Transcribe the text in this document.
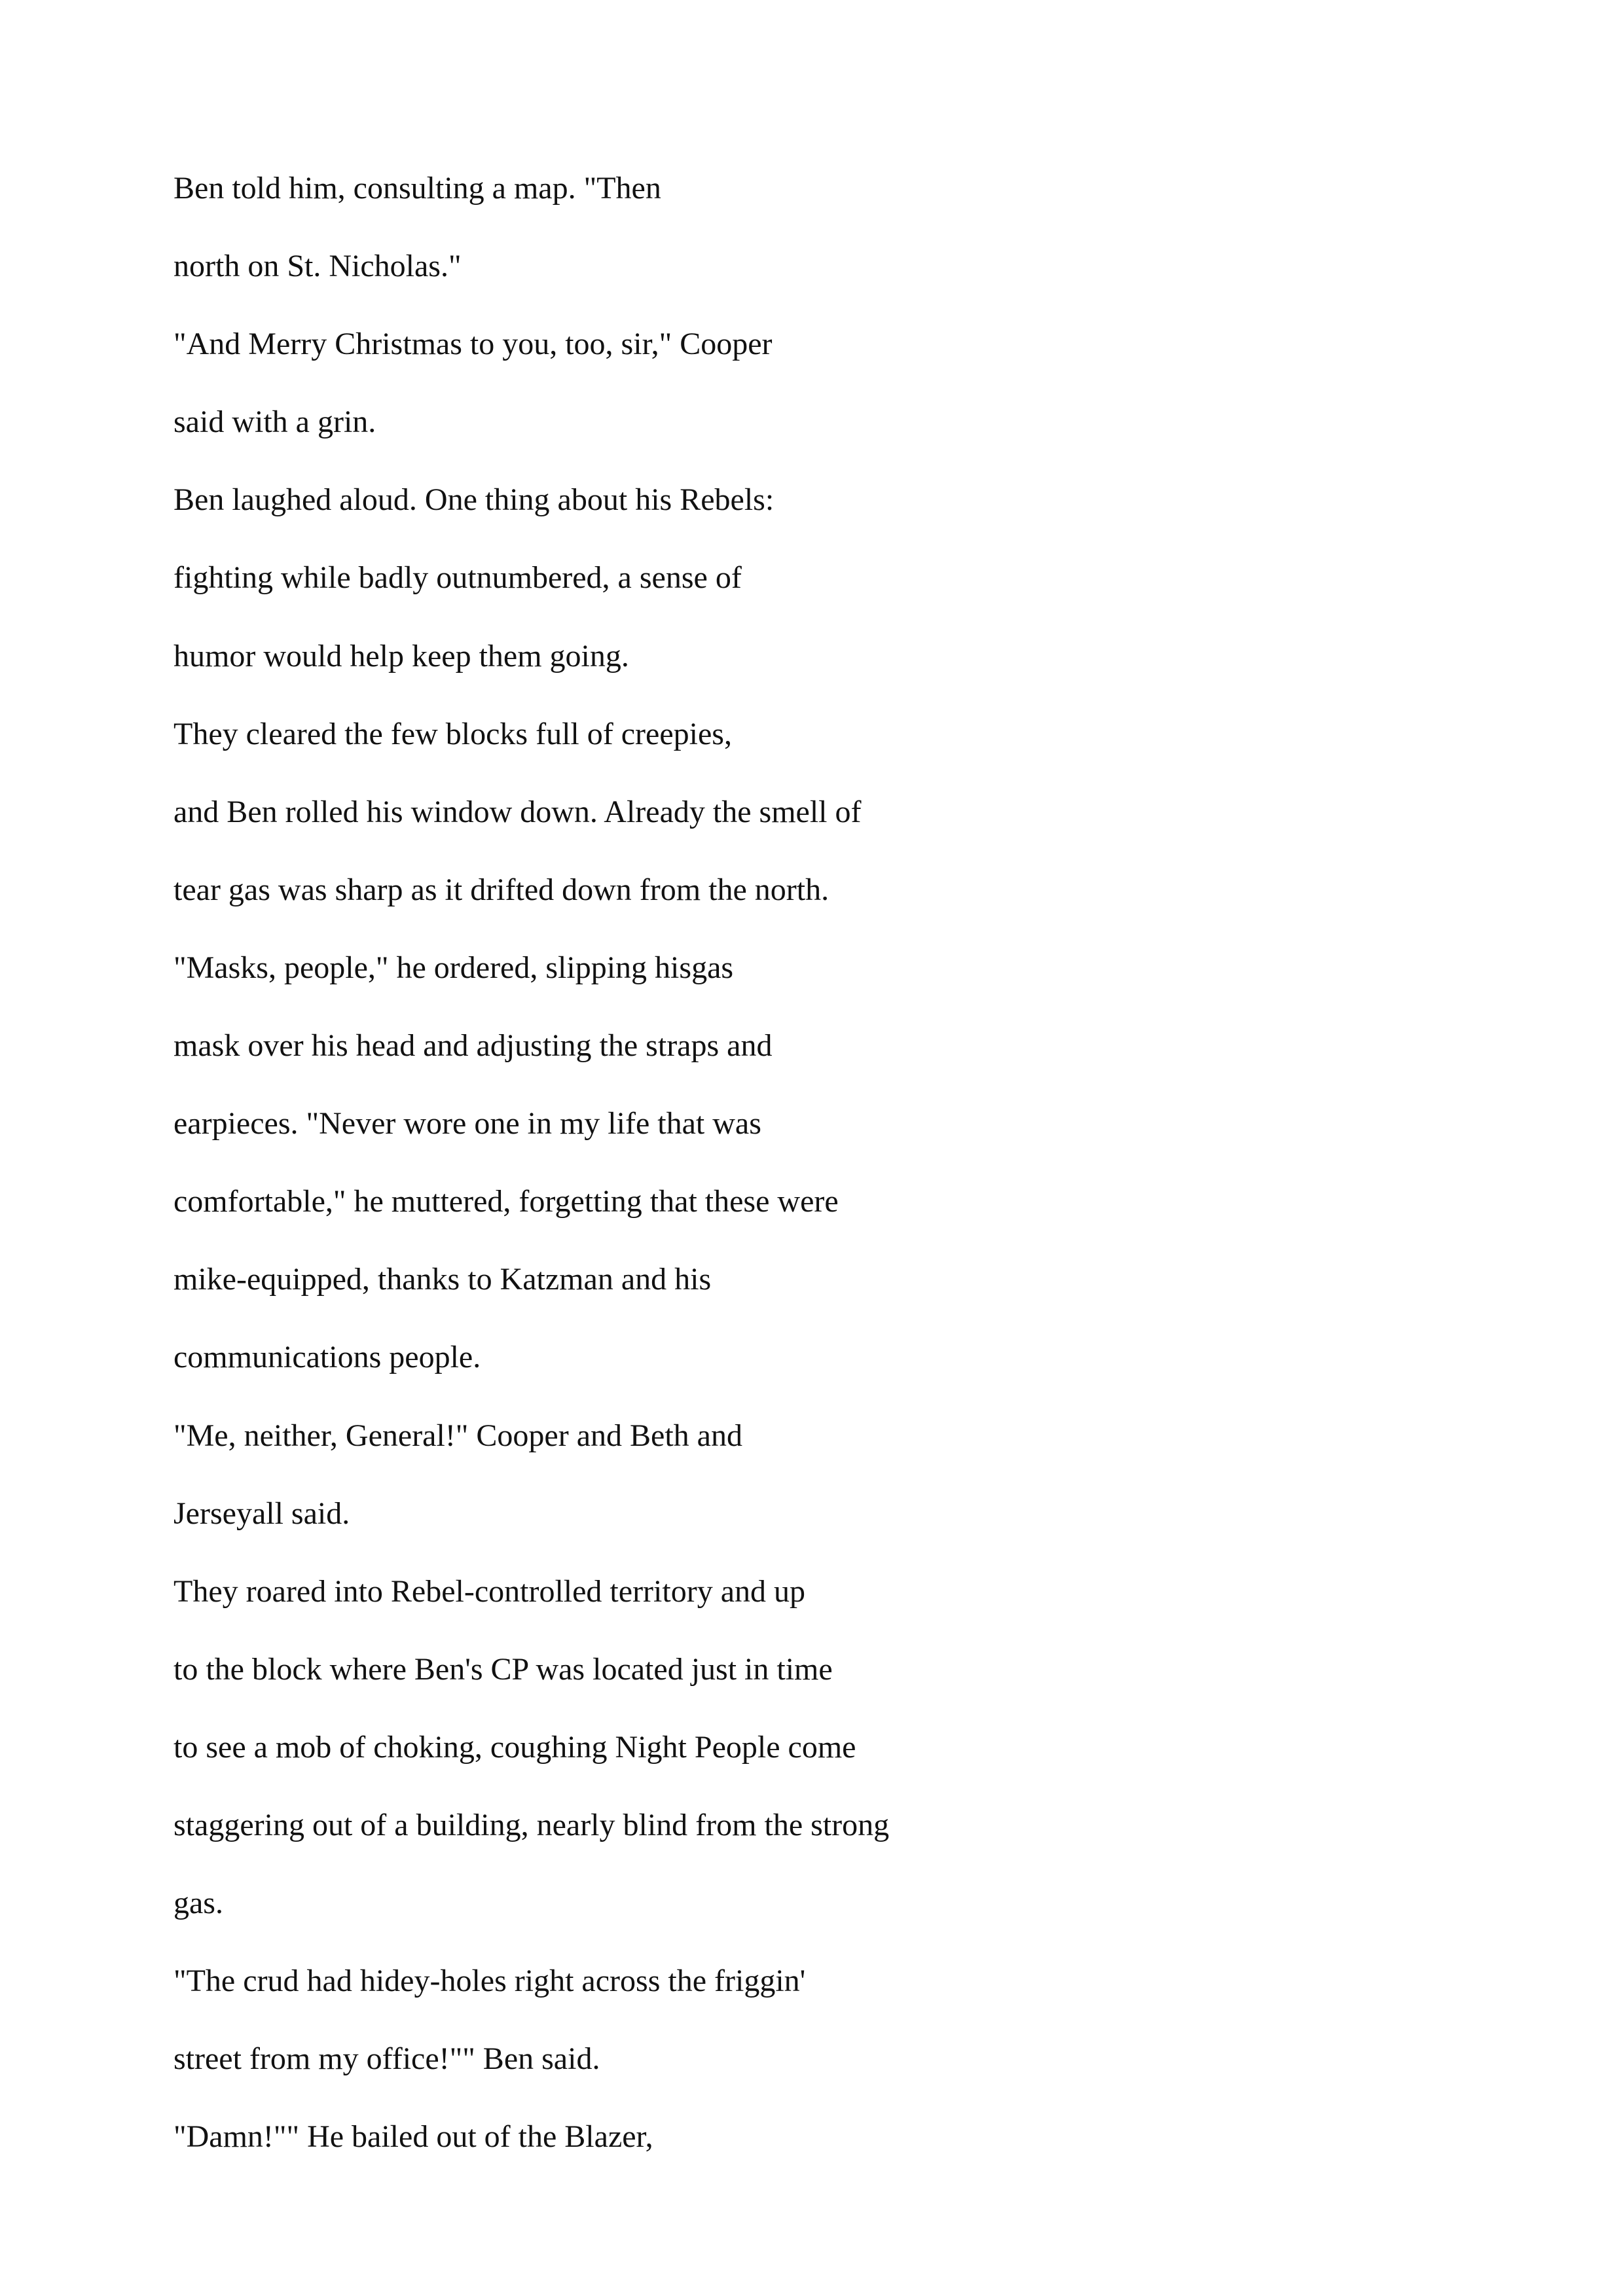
Ben told him, consulting a map. "Then
north on St. Nicholas."
"And Merry Christmas to you, too, sir," Cooper
said with a grin.
Ben laughed aloud. One thing about his Rebels:
fighting while badly outnumbered, a sense of
humor would help keep them going.
They cleared the few blocks full of creepies,
and Ben rolled his window down. Already the smell of
tear gas was sharp as it drifted down from the north.
"Masks, people," he ordered, slipping hisgas
mask over his head and adjusting the straps and
earpieces. "Never wore one in my life that was
comfortable," he muttered, forgetting that these were
mike-equipped, thanks to Katzman and his
communications people.
"Me, neither, General!" Cooper and Beth and
Jerseyall said.
They roared into Rebel-controlled territory and up
to the block where Ben's CP was located just in time
to see a mob of choking, coughing Night People come
staggering out of a building, nearly blind from the strong
gas.
"The crud had hidey-holes right across the friggin'
street from my office!"" Ben said.
"Damn!"" He bailed out of the Blazer,
